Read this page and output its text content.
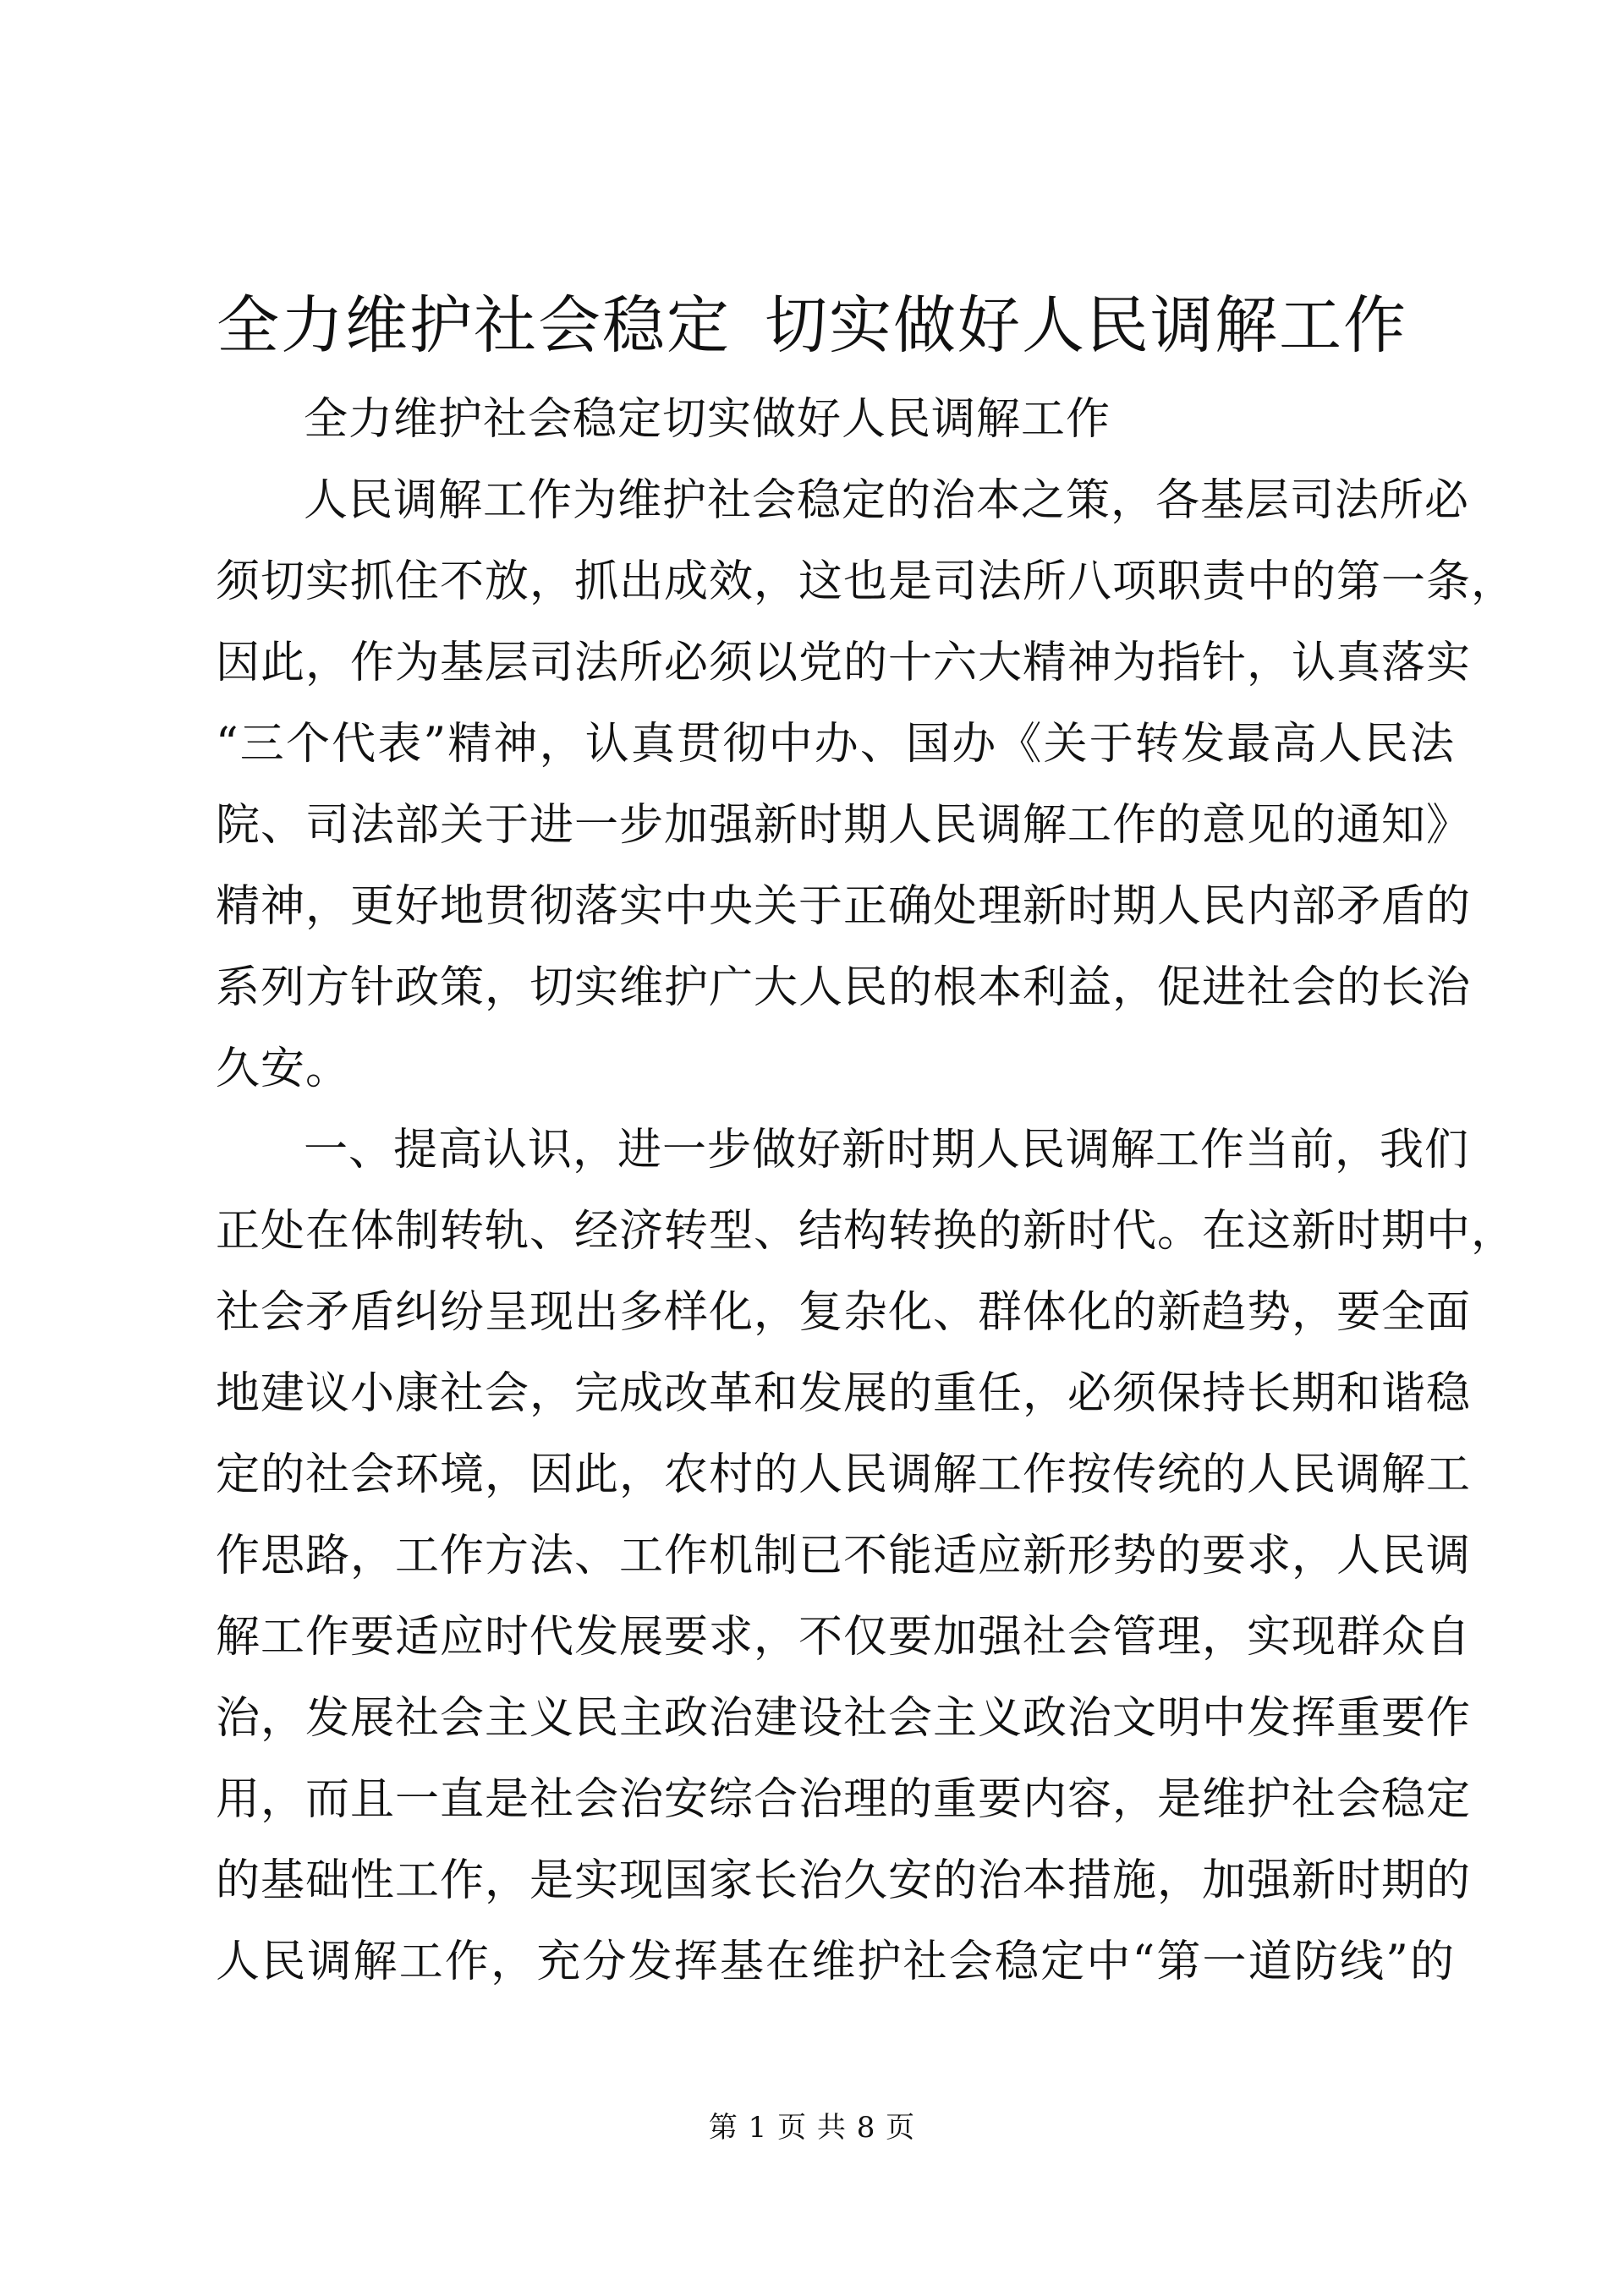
全力维护社会稳定 切实做好人民调解工作
全力维护社会稳定切实做好人民调解工作
人民调解工作为维护社会稳定的治本之策，各基层司法所必
须切实抓住不放，抓出成效，这也是司法所八项职责中的第一条，
因此，作为基层司法所必须以党的十六大精神为指针，认真落实
“三个代表”精神，认真贯彻中办、国办《关于转发最高人民法
院、司法部关于进一步加强新时期人民调解工作的意见的通知》
精神，更好地贯彻落实中央关于正确处理新时期人民内部矛盾的
系列方针政策，切实维护广大人民的根本利益，促进社会的长治
久安。
一、提高认识，进一步做好新时期人民调解工作当前，我们
正处在体制转轨、经济转型、结构转换的新时代。在这新时期中，
社会矛盾纠纷呈现出多样化，复杂化、群体化的新趋势，要全面
地建议小康社会，完成改革和发展的重任，必须保持长期和谐稳
定的社会环境，因此，农村的人民调解工作按传统的人民调解工
作思路，工作方法、工作机制已不能适应新形势的要求，人民调
解工作要适应时代发展要求，不仅要加强社会管理，实现群众自
治，发展社会主义民主政治建设社会主义政治文明中发挥重要作
用，而且一直是社会治安综合治理的重要内容，是维护社会稳定
的基础性工作，是实现国家长治久安的治本措施，加强新时期的
人民调解工作，充分发挥基在维护社会稳定中“第一道防线”的
第 1 页 共 8 页
